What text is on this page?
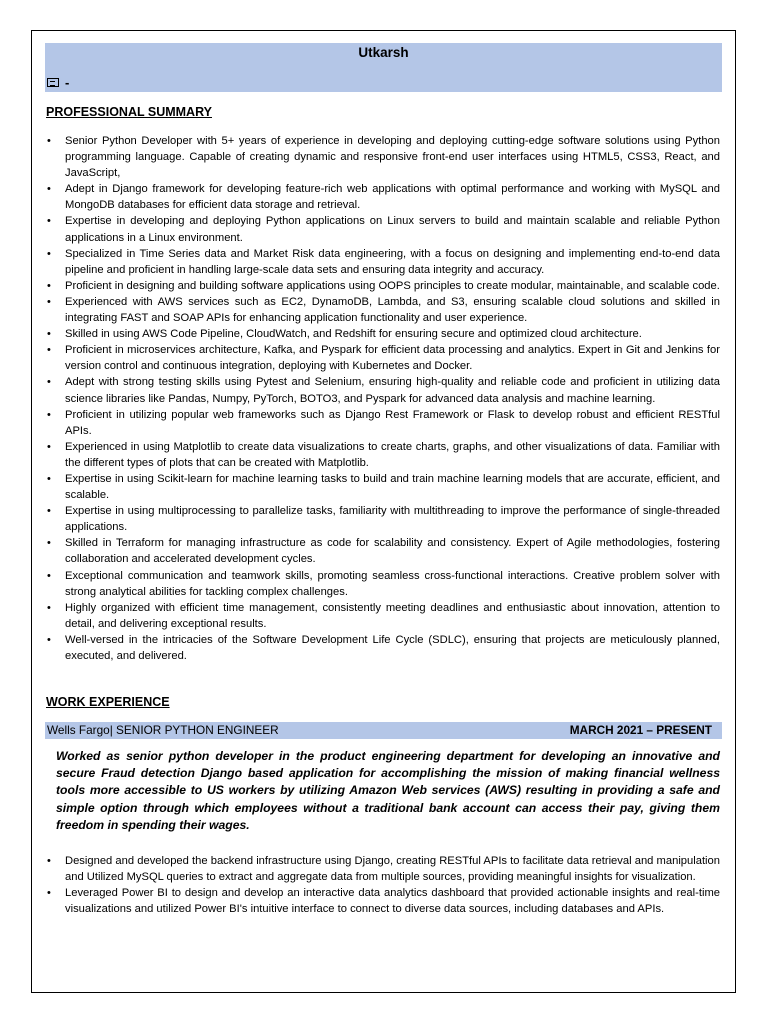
Utkarsh
-
PROFESSIONAL SUMMARY
• Senior Python Developer with 5+ years of experience in developing and deploying cutting-edge software solutions using Python programming language. Capable of creating dynamic and responsive front-end user interfaces using HTML5, CSS3, React, and JavaScript,
• Adept in Django framework for developing feature-rich web applications with optimal performance and working with MySQL and MongoDB databases for efficient data storage and retrieval.
• Expertise in developing and deploying Python applications on Linux servers to build and maintain scalable and reliable Python applications in a Linux environment.
• Specialized in Time Series data and Market Risk data engineering, with a focus on designing and implementing end-to-end data pipeline and proficient in handling large-scale data sets and ensuring data integrity and accuracy.
• Proficient in designing and building software applications using OOPS principles to create modular, maintainable, and scalable code.
• Experienced with AWS services such as EC2, DynamoDB, Lambda, and S3, ensuring scalable cloud solutions and skilled in integrating FAST and SOAP APIs for enhancing application functionality and user experience.
• Skilled in using AWS Code Pipeline, CloudWatch, and Redshift for ensuring secure and optimized cloud architecture.
• Proficient in microservices architecture, Kafka, and Pyspark for efficient data processing and analytics. Expert in Git and Jenkins for version control and continuous integration, deploying with Kubernetes and Docker.
• Adept with strong testing skills using Pytest and Selenium, ensuring high-quality and reliable code and proficient in utilizing data science libraries like Pandas, Numpy, PyTorch, BOTO3, and Pyspark for advanced data analysis and machine learning.
• Proficient in utilizing popular web frameworks such as Django Rest Framework or Flask to develop robust and efficient RESTful APIs.
• Experienced in using Matplotlib to create data visualizations to create charts, graphs, and other visualizations of data. Familiar with the different types of plots that can be created with Matplotlib.
• Expertise in using Scikit-learn for machine learning tasks to build and train machine learning models that are accurate, efficient, and scalable.
• Expertise in using multiprocessing to parallelize tasks, familiarity with multithreading to improve the performance of single-threaded applications.
• Skilled in Terraform for managing infrastructure as code for scalability and consistency. Expert of Agile methodologies, fostering collaboration and accelerated development cycles.
• Exceptional communication and teamwork skills, promoting seamless cross-functional interactions. Creative problem solver with strong analytical abilities for tackling complex challenges.
• Highly organized with efficient time management, consistently meeting deadlines and enthusiastic about innovation, attention to detail, and delivering exceptional results.
• Well-versed in the intricacies of the Software Development Life Cycle (SDLC), ensuring that projects are meticulously planned, executed, and delivered.
WORK EXPERIENCE
Wells Fargo| SENIOR PYTHON ENGINEER	MARCH 2021 – PRESENT

Worked as senior python developer in the product engineering department for developing an innovative and secure Fraud detection Django based application for accomplishing the mission of making financial wellness tools more accessible to US workers by utilizing Amazon Web services (AWS) resulting in providing a safe and simple option through which employees without a traditional bank account can access their pay, giving them freedom in spending their wages.

• Designed and developed the backend infrastructure using Django, creating RESTful APIs to facilitate data retrieval and manipulation and Utilized MySQL queries to extract and aggregate data from multiple sources, providing meaningful insights for visualization.
• Leveraged Power BI to design and develop an interactive data analytics dashboard that provided actionable insights and real-time visualizations and utilized Power BI's intuitive interface to connect to diverse data sources, including databases and APIs.
